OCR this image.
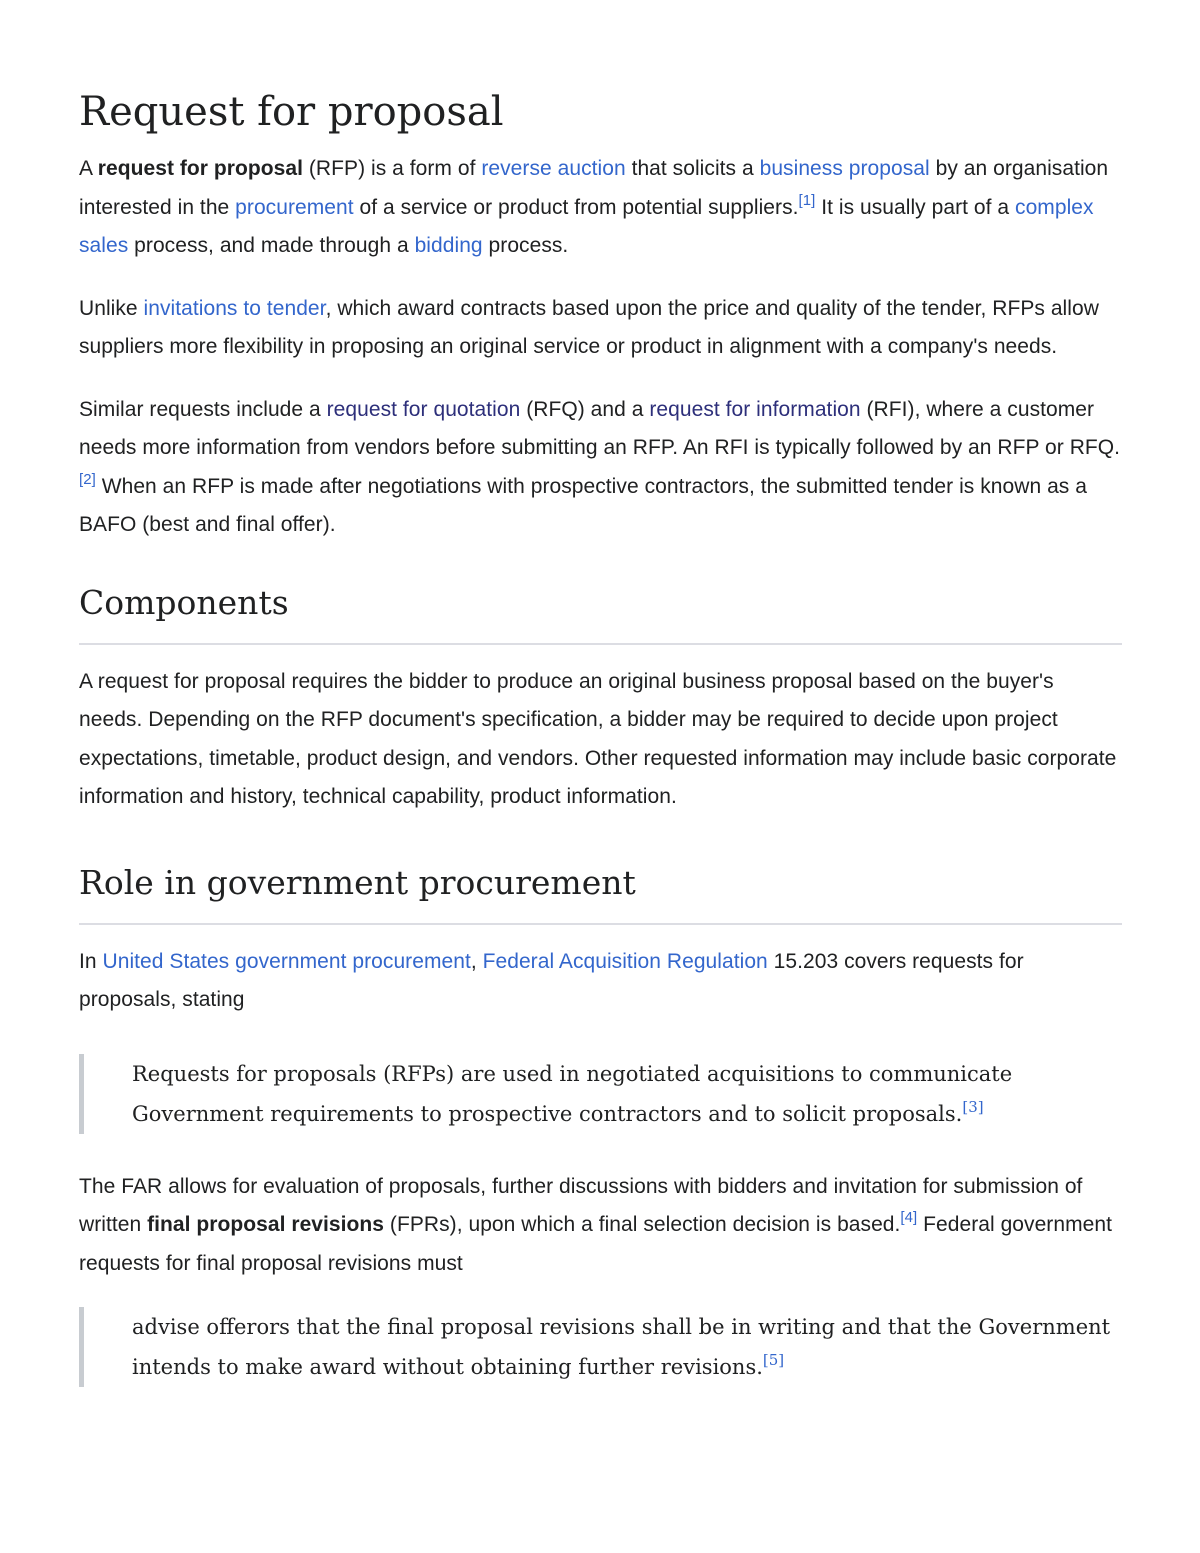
Request for proposal

A request for proposal (RFP) is a form of reverse auction that solicits a business proposal by an organisation interested in the procurement of a service or product from potential suppliers.[1] It is usually part of a complex sales process, and made through a bidding process.

Unlike invitations to tender, which award contracts based upon the price and quality of the tender, RFPs allow suppliers more flexibility in proposing an original service or product in alignment with a company's needs.

Similar requests include a request for quotation (RFQ) and a request for information (RFI), where a customer needs more information from vendors before submitting an RFP. An RFI is typically followed by an RFP or RFQ.[2] When an RFP is made after negotiations with prospective contractors, the submitted tender is known as a BAFO (best and final offer).

Components

A request for proposal requires the bidder to produce an original business proposal based on the buyer's needs. Depending on the RFP document's specification, a bidder may be required to decide upon project expectations, timetable, product design, and vendors. Other requested information may include basic corporate information and history, technical capability, product information.

Role in government procurement

In United States government procurement, Federal Acquisition Regulation 15.203 covers requests for proposals, stating

Requests for proposals (RFPs) are used in negotiated acquisitions to communicate Government requirements to prospective contractors and to solicit proposals.[3]

The FAR allows for evaluation of proposals, further discussions with bidders and invitation for submission of written final proposal revisions (FPRs), upon which a final selection decision is based.[4] Federal government requests for final proposal revisions must

advise offerors that the final proposal revisions shall be in writing and that the Government intends to make award without obtaining further revisions.[5]
